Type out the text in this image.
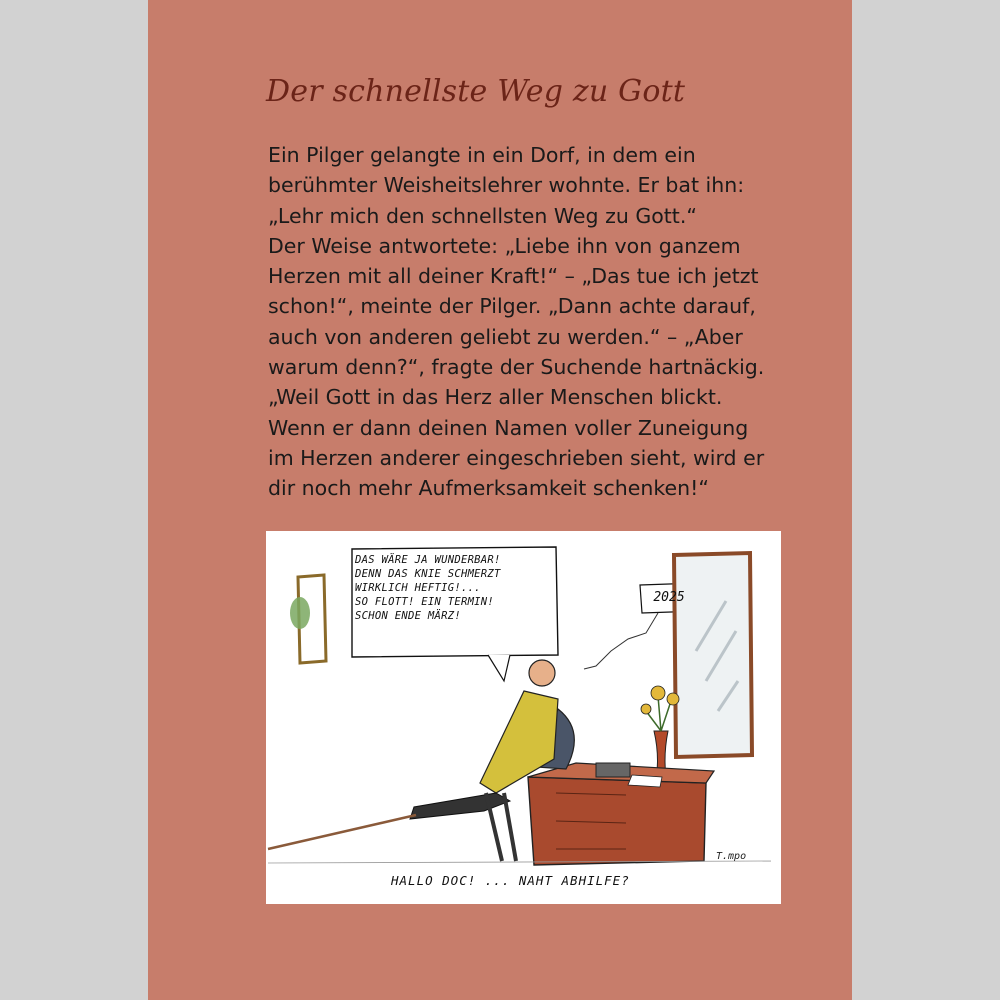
Der schnellste Weg zu Gott
Ein Pilger gelangte in ein Dorf, in dem ein
berühmter Weisheitslehrer wohnte. Er bat ihn:
„Lehr mich den schnellsten Weg zu Gott.“
Der Weise antwortete: „Liebe ihn von ganzem
Herzen mit all deiner Kraft!“ – „Das tue ich jetzt
schon!“, meinte der Pilger. „Dann achte darauf,
auch von anderen geliebt zu werden.“ – „Aber
warum denn?“, fragte der Suchende hartnäckig.
„Weil Gott in das Herz aller Menschen blickt.
Wenn er dann deinen Namen voller Zuneigung
im Herzen anderer eingeschrieben sieht, wird er
dir noch mehr Aufmerksamkeit schenken!“
DAS WÄRE JA WUNDERBAR!
DENN DAS KNIE SCHMERZT
WIRKLICH HEFTIG!...
SO FLOTT! EIN TERMIN!
SCHON ENDE MÄRZ!
2025
T.mpo
HALLO DOC! ... NAHT ABHILFE?
